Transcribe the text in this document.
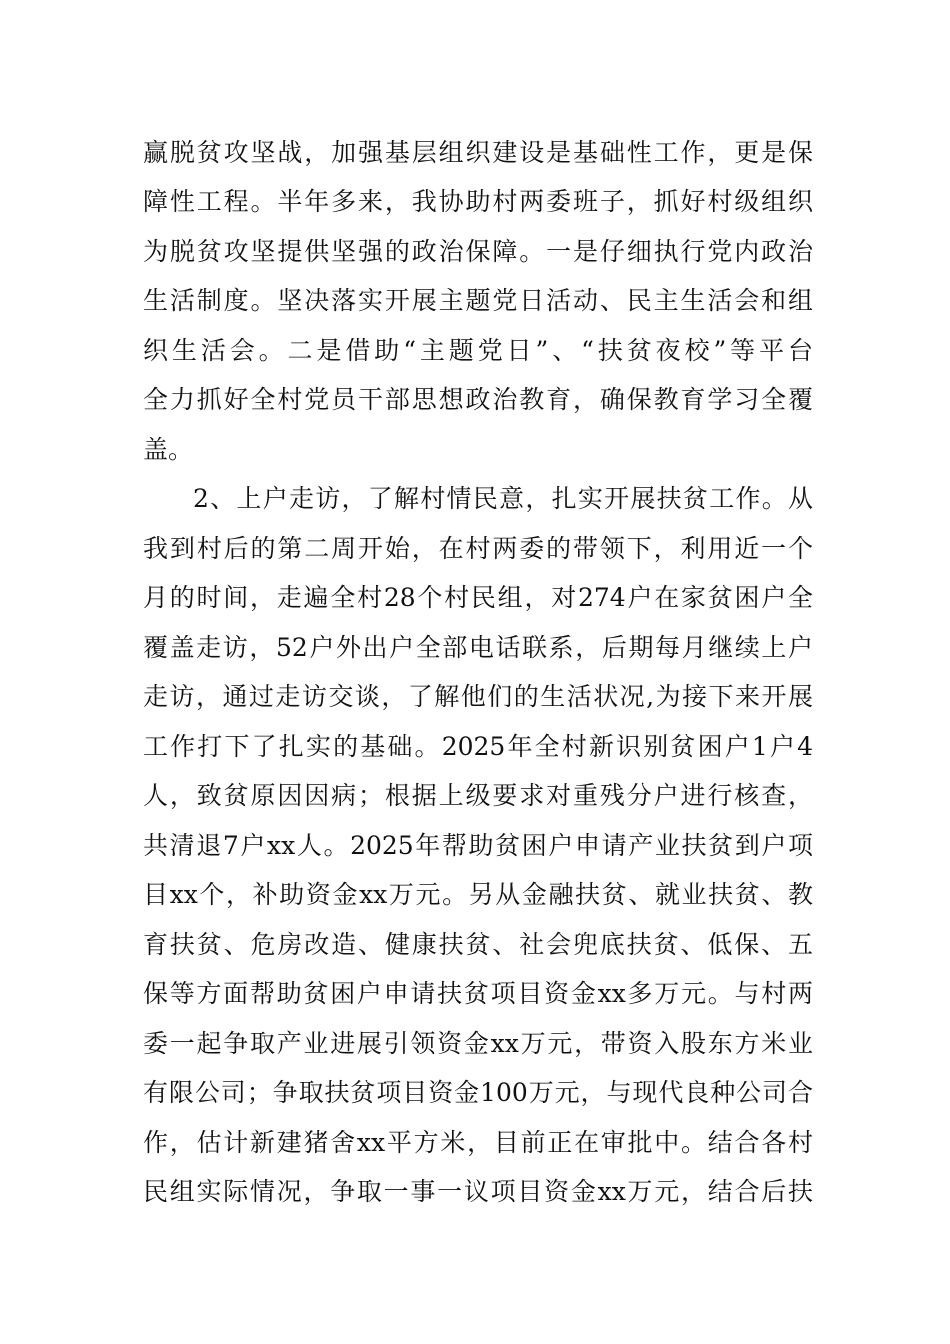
赢脱贫攻坚战，加强基层组织建设是基础性工作，更是保
障性工程。半年多来，我协助村两委班子，抓好村级组织
为脱贫攻坚提供坚强的政治保障。一是仔细执行党内政治
生活制度。坚决落实开展主题党日活动、民主生活会和组
织生活会。二是借助“主题党日”、“扶贫夜校”等平台
全力抓好全村党员干部思想政治教育，确保教育学习全覆
盖。
2、上户走访，了解村情民意，扎实开展扶贫工作。从
我到村后的第二周开始，在村两委的带领下，利用近一个
月的时间，走遍全村28个村民组，对274户在家贫困户全
覆盖走访，52户外出户全部电话联系，后期每月继续上户
走访，通过走访交谈，了解他们的生活状况,为接下来开展
工作打下了扎实的基础。2025年全村新识别贫困户1户4
人，致贫原因因病；根据上级要求对重残分户进行核查，
共清退7户xx人。2025年帮助贫困户申请产业扶贫到户项
目xx个，补助资金xx万元。另从金融扶贫、就业扶贫、教
育扶贫、危房改造、健康扶贫、社会兜底扶贫、低保、五
保等方面帮助贫困户申请扶贫项目资金xx多万元。与村两
委一起争取产业进展引领资金xx万元，带资入股东方米业
有限公司；争取扶贫项目资金100万元，与现代良种公司合
作，估计新建猪舍xx平方米，目前正在审批中。结合各村
民组实际情况，争取一事一议项目资金xx万元，结合后扶
